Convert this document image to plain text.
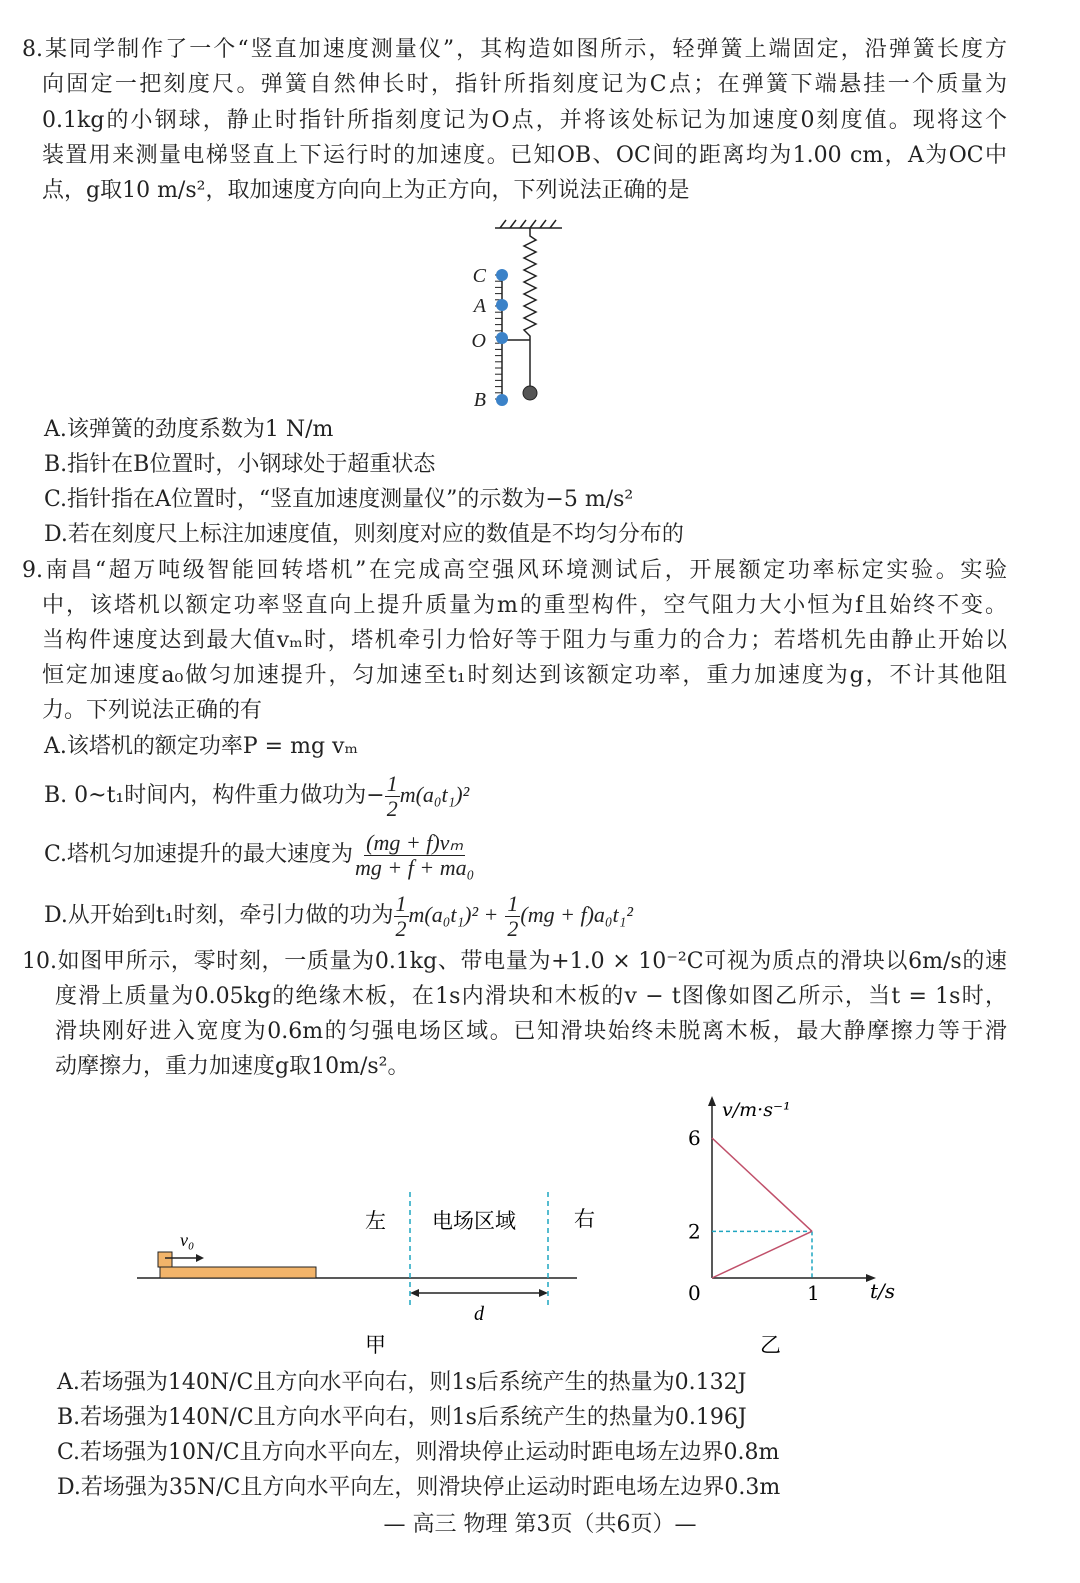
8.某同学制作了一个“竖直加速度测量仪”，其构造如图所示，轻弹簧上端固定，沿弹簧长度方
向固定一把刻度尺。弹簧自然伸长时，指针所指刻度记为C点；在弹簧下端悬挂一个质量为
0.1kg的小钢球，静止时指针所指刻度记为O点，并将该处标记为加速度0刻度值。现将这个
装置用来测量电梯竖直上下运行时的加速度。已知OB、OC间的距离均为1.00 cm，A为OC中
点，g取10 m/s²，取加速度方向向上为正方向，下列说法正确的是
C
A
O
B
A.该弹簧的劲度系数为1 N/m
B.指针在B位置时，小钢球处于超重状态
C.指针指在A位置时，“竖直加速度测量仪”的示数为−5 m/s²
D.若在刻度尺上标注加速度值，则刻度对应的数值是不均匀分布的
9.南昌“超万吨级智能回转塔机”在完成高空强风环境测试后，开展额定功率标定实验。实验
中，该塔机以额定功率竖直向上提升质量为m的重型构件，空气阻力大小恒为f且始终不变。
当构件速度达到最大值vₘ时，塔机牵引力恰好等于阻力与重力的合力；若塔机先由静止开始以
恒定加速度a₀做匀加速提升，匀加速至t₁时刻达到该额定功率，重力加速度为g，不计其他阻
力。下列说法正确的有
A.该塔机的额定功率P = mg vₘ
B. 0~t₁时间内，构件重力做功为− $\frac{1}{2} m(a_0t_1)^2$
C.塔机匀加速提升的最大速度为 $\frac{\text{(mg + f)vₘ}}{\text{mg + f + ma₀}}$
D.从开始到t₁时刻，牵引力做的功为 $\frac{1}{2} m(a_0t_1)^2 + \frac{1}{2} (mg + f)a_0t_1^2$
10.如图甲所示，零时刻，一质量为0.1kg、带电量为+1.0 × 10⁻²C可视为质点的滑块以6m/s的速
度滑上质量为0.05kg的绝缘木板，在1s内滑块和木板的v − t图像如图乙所示，当t = 1s时，
滑块刚好进入宽度为0.6m的匀强电场区域。已知滑块始终未脱离木板，最大静摩擦力等于滑
动摩擦力，重力加速度g取10m/s²。
v₀
左 电场区域	右
d
甲
6
2
0	1
v/m·s⁻¹
t/s
乙
A.若场强为140N/C且方向水平向右，则1s后系统产生的热量为0.132J
B.若场强为140N/C且方向水平向右，则1s后系统产生的热量为0.196J
C.若场强为10N/C且方向水平向左，则滑块停止运动时距电场左边界0.8m
D.若场强为35N/C且方向水平向左，则滑块停止运动时距电场左边界0.3m
— 高三 物理 第3页（共6页）—
